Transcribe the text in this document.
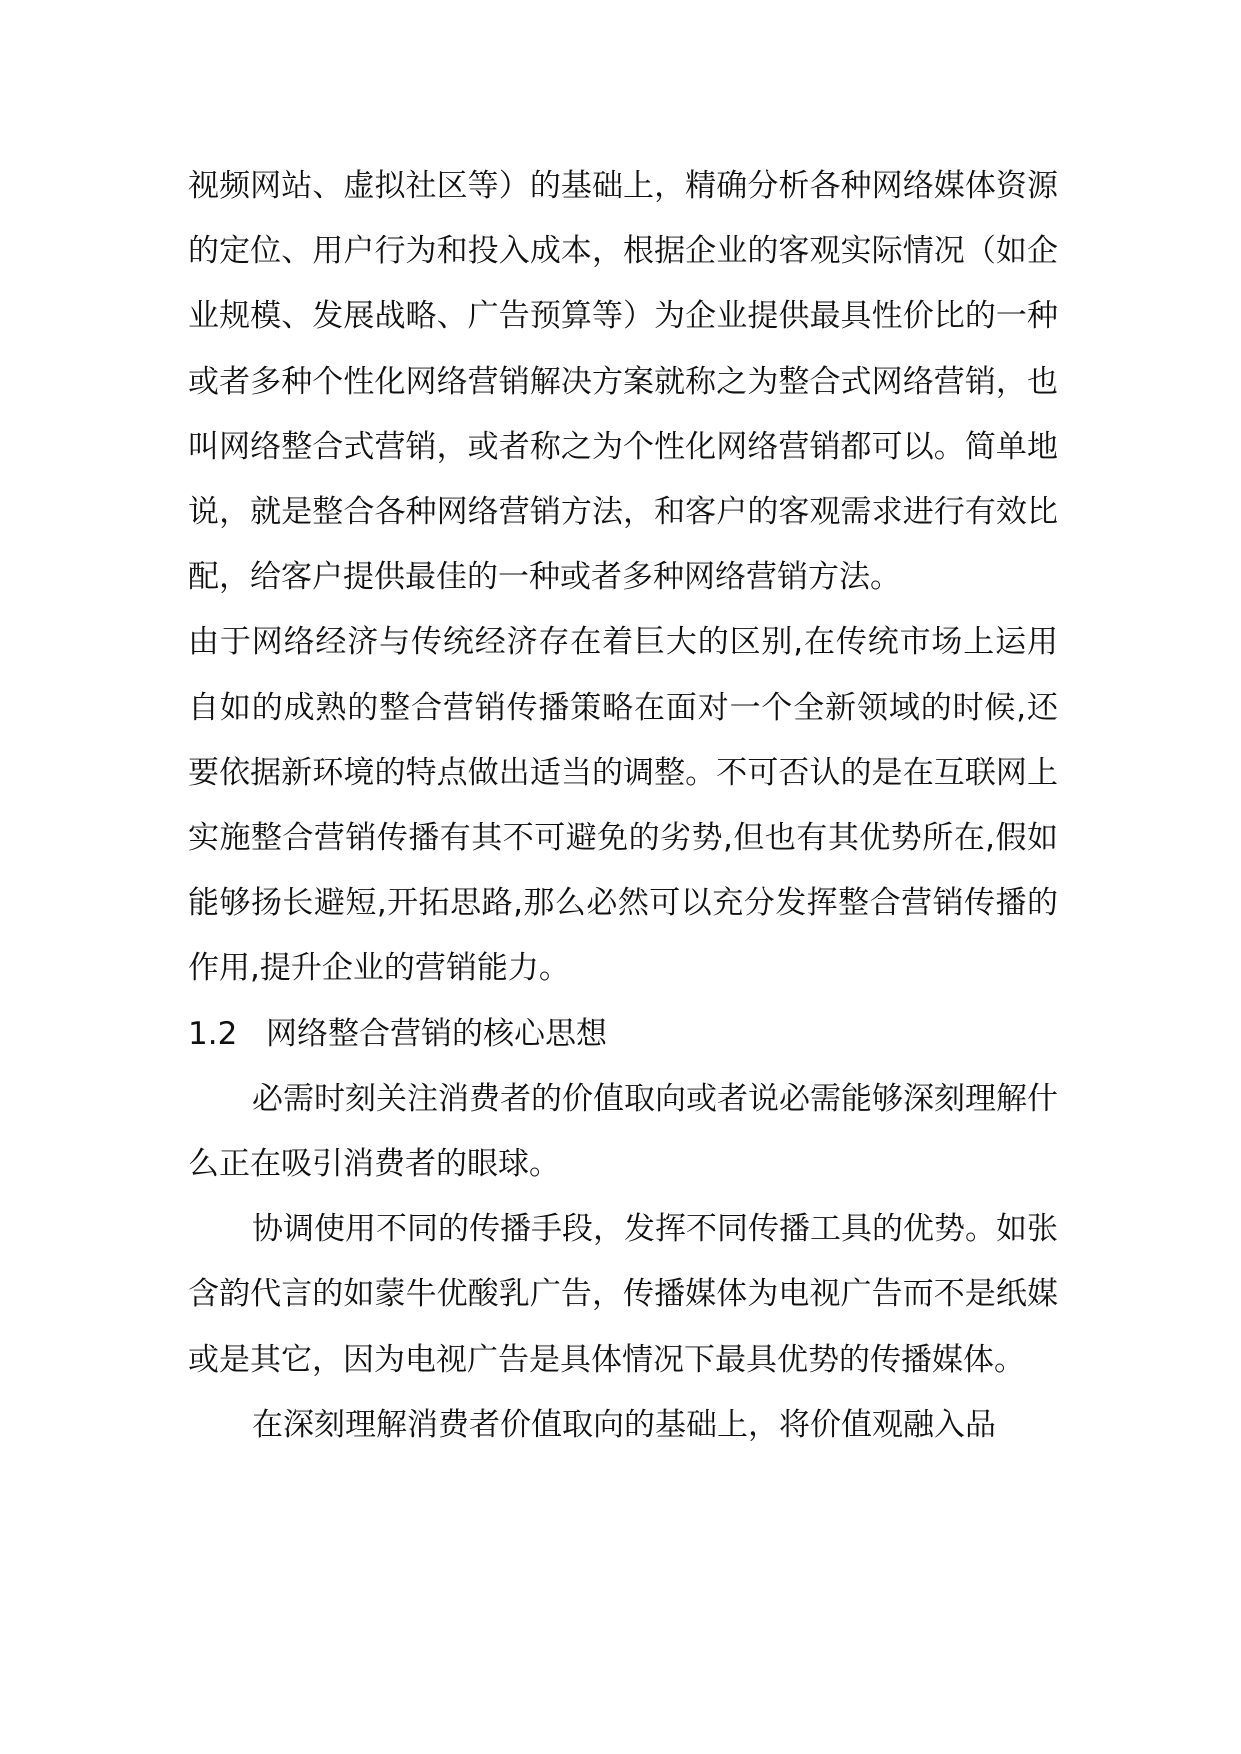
视频网站、虚拟社区等）的基础上，精确分析各种网络媒体资源的定位、用户行为和投入成本，根据企业的客观实际情况（如企业规模、发展战略、广告预算等）为企业提供最具性价比的一种或者多种个性化网络营销解决方案就称之为整合式网络营销，也叫网络整合式营销，或者称之为个性化网络营销都可以。简单地说，就是整合各种网络营销方法，和客户的客观需求进行有效比配，给客户提供最佳的一种或者多种网络营销方法。

由于网络经济与传统经济存在着巨大的区别,在传统市场上运用自如的成熟的整合营销传播策略在面对一个全新领域的时候,还要依据新环境的特点做出适当的调整。不可否认的是在互联网上实施整合营销传播有其不可避免的劣势,但也有其优势所在,假如能够扬长避短,开拓思路,那么必然可以充分发挥整合营销传播的作用,提升企业的营销能力。

1.2 网络整合营销的核心思想

必需时刻关注消费者的价值取向或者说必需能够深刻理解什么正在吸引消费者的眼球。

协调使用不同的传播手段，发挥不同传播工具的优势。如张含韵代言的如蒙牛优酸乳广告，传播媒体为电视广告而不是纸媒或是其它，因为电视广告是具体情况下最具优势的传播媒体。

在深刻理解消费者价值取向的基础上，将价值观融入品
